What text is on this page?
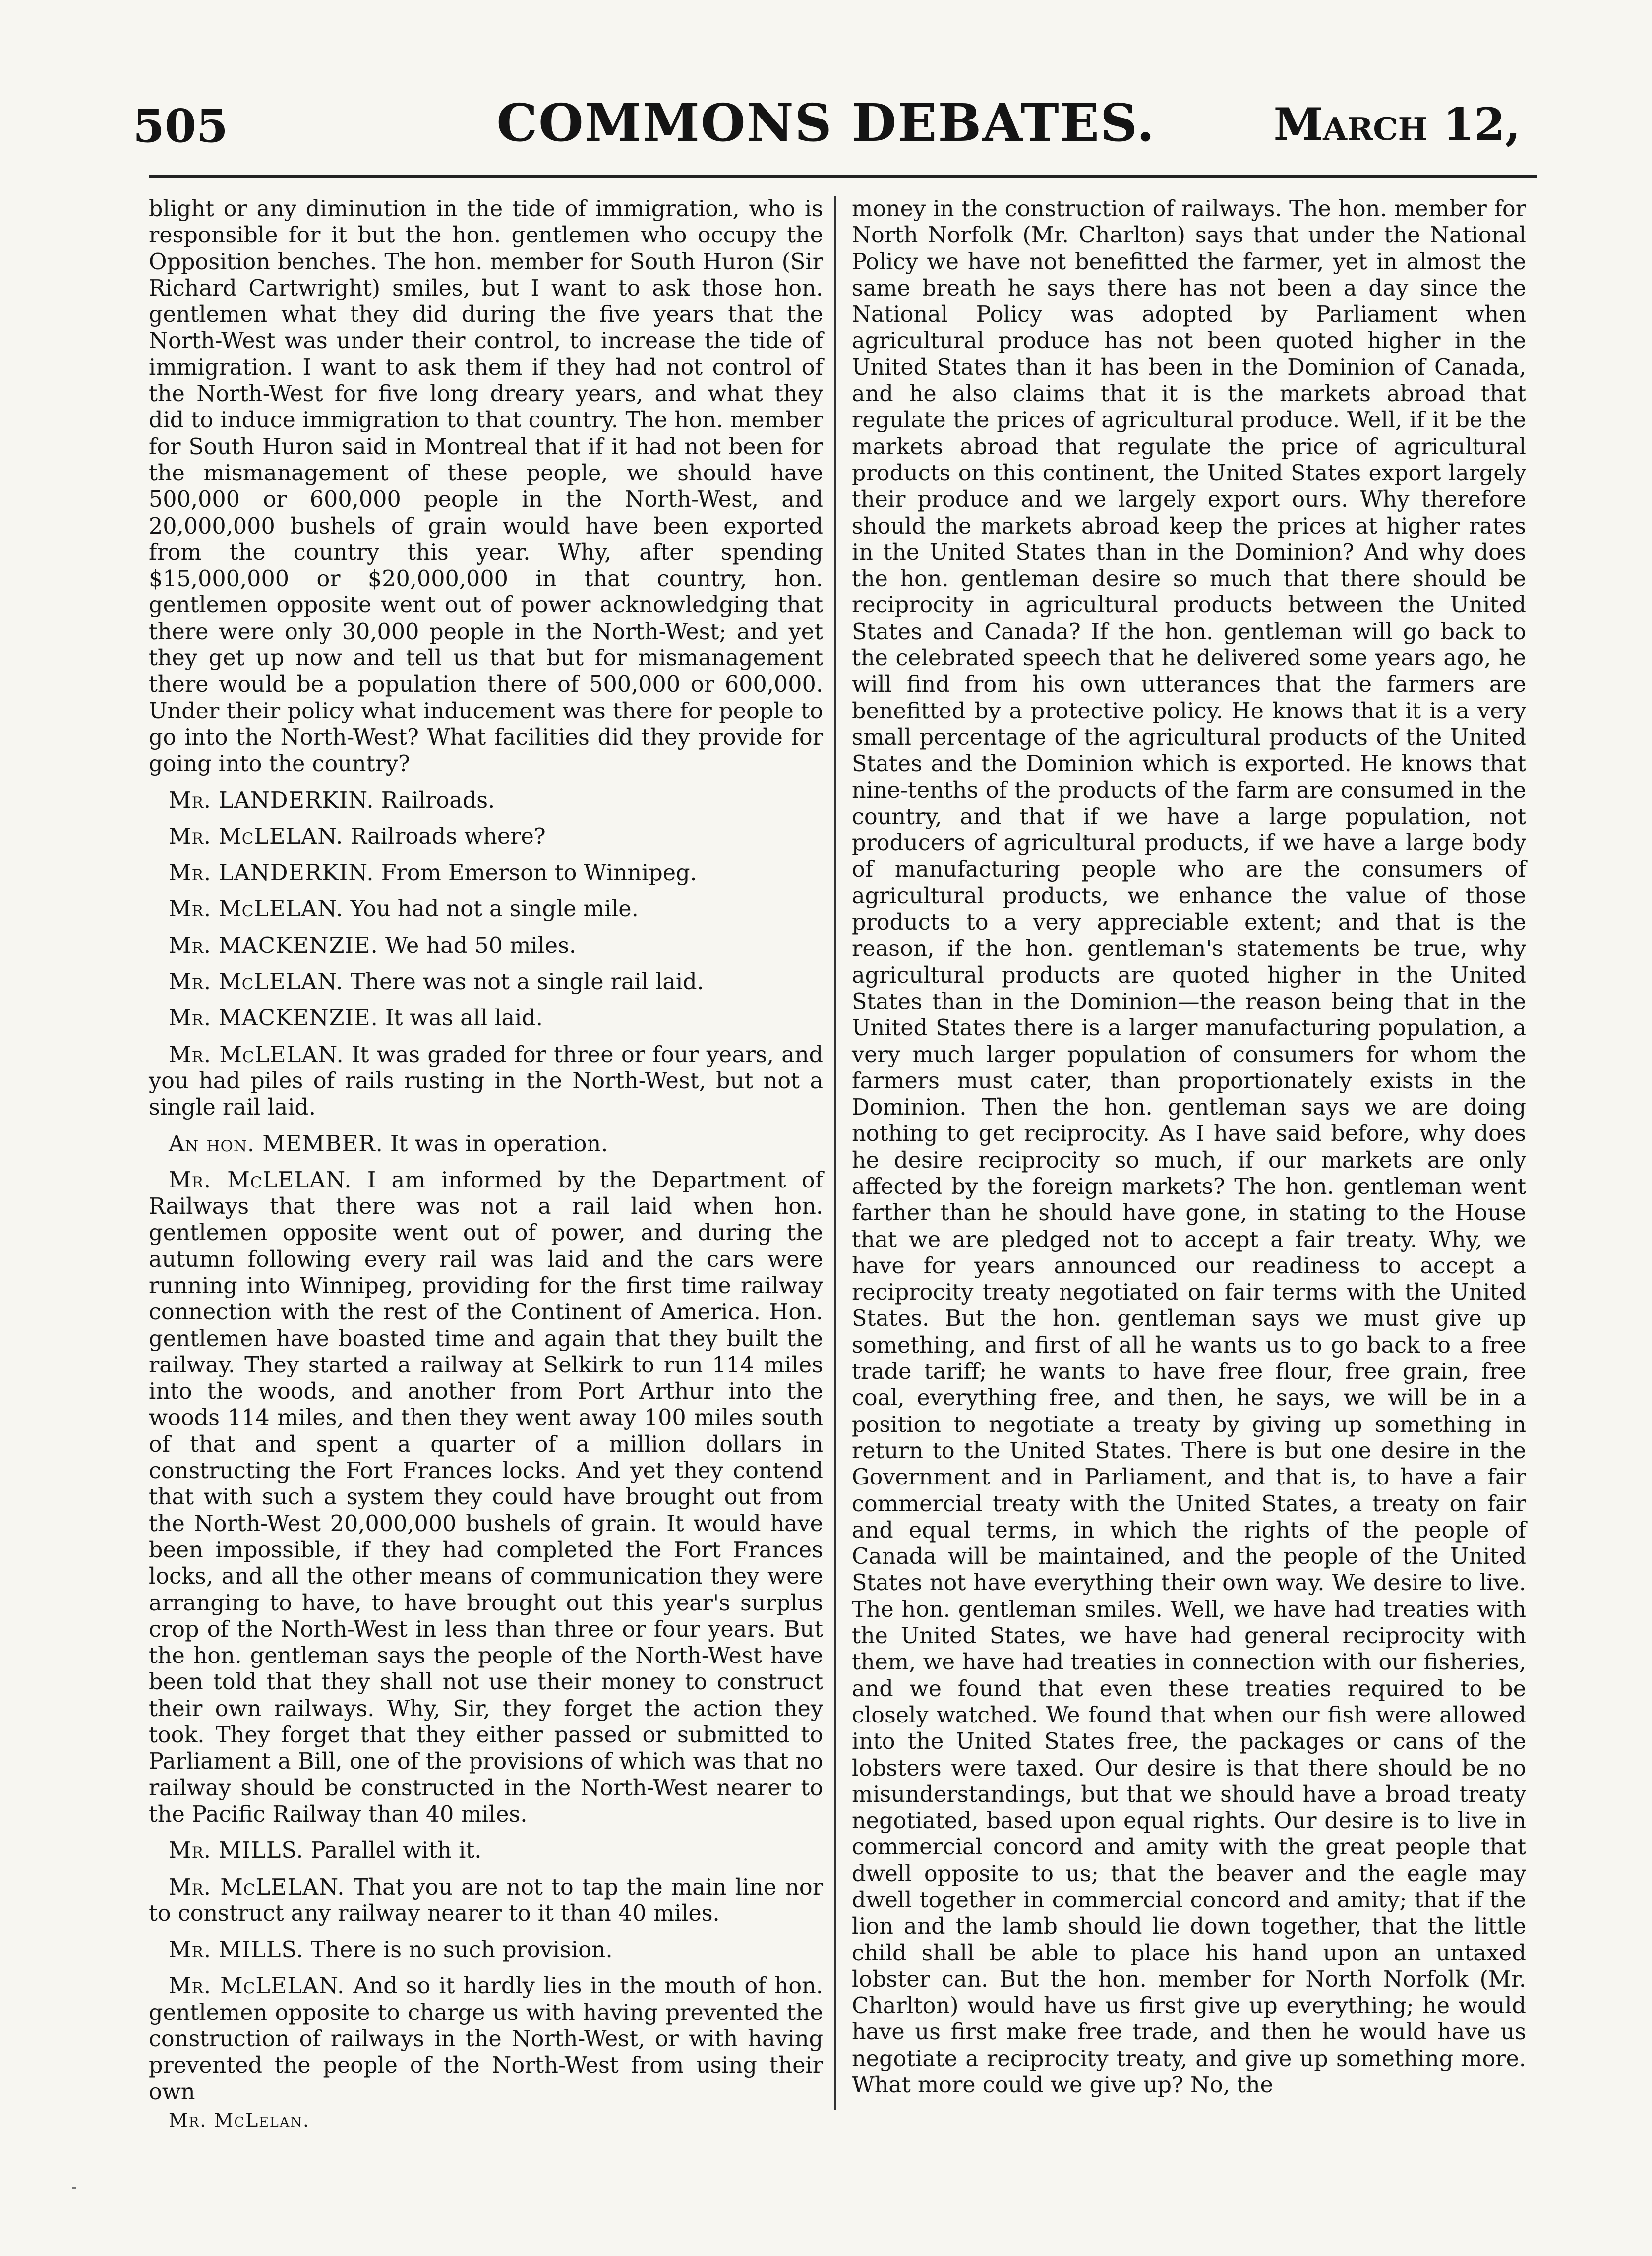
505	COMMONS DEBATES.	March 12,

blight or any diminution in the tide of immigration, who is responsible for it but the hon. gentlemen who occupy the Opposition benches. The hon. member for South Huron (Sir Richard Cartwright) smiles, but I want to ask those hon. gentlemen what they did during the five years that the North-West was under their control, to increase the tide of immigration. I want to ask them if they had not control of the North-West for five long dreary years, and what they did to induce immigration to that country. The hon. member for South Huron said in Montreal that if it had not been for the mismanagement of these people, we should have 500,000 or 600,000 people in the North-West, and 20,000,000 bushels of grain would have been exported from the country this year. Why, after spending $15,000,000 or $20,000,000 in that country, hon. gentlemen opposite went out of power acknowledging that there were only 30,000 people in the North-West; and yet they get up now and tell us that but for mismanagement there would be a population there of 500,000 or 600,000. Under their policy what inducement was there for people to go into the North-West? What facilities did they provide for going into the country?

Mr. LANDERKIN. Railroads.

Mr. McLELAN. Railroads where?

Mr. LANDERKIN. From Emerson to Winnipeg.

Mr. McLELAN. You had not a single mile.

Mr. MACKENZIE. We had 50 miles.

Mr. McLELAN. There was not a single rail laid.

Mr. MACKENZIE. It was all laid.

Mr. McLELAN. It was graded for three or four years, and you had piles of rails rusting in the North-West, but not a single rail laid.

An hon. MEMBER. It was in operation.

Mr. McLELAN. I am informed by the Department of Railways that there was not a rail laid when hon. gentlemen opposite went out of power, and during the autumn following every rail was laid and the cars were running into Winnipeg, providing for the first time railway connection with the rest of the Continent of America. Hon. gentlemen have boasted time and again that they built the railway. They started a railway at Selkirk to run 114 miles into the woods, and another from Port Arthur into the woods 114 miles, and then they went away 100 miles south of that and spent a quarter of a million dollars in constructing the Fort Frances locks. And yet they contend that with such a system they could have brought out from the North-West 20,000,000 bushels of grain. It would have been impossible, if they had completed the Fort Frances locks, and all the other means of communication they were arranging to have, to have brought out this year's surplus crop of the North-West in less than three or four years. But the hon. gentleman says the people of the North-West have been told that they shall not use their money to construct their own railways. Why, Sir, they forget the action they took. They forget that they either passed or submitted to Parliament a Bill, one of the provisions of which was that no railway should be constructed in the North-West nearer to the Pacific Railway than 40 miles.

Mr. MILLS. Parallel with it.

Mr. McLELAN. That you are not to tap the main line nor to construct any railway nearer to it than 40 miles.

Mr. MILLS. There is no such provision.

Mr. McLELAN. And so it hardly lies in the mouth of hon. gentlemen opposite to charge us with having prevented the construction of railways in the North-West, or with having prevented the people of the North-West from using their own

Mr. McLelan.

money in the construction of railways. The hon. member for North Norfolk (Mr. Charlton) says that under the National Policy we have not benefitted the farmer, yet in almost the same breath he says there has not been a day since the National Policy was adopted by Parliament when agricultural produce has not been quoted higher in the United States than it has been in the Dominion of Canada, and he also claims that it is the markets abroad that regulate the prices of agricultural produce. Well, if it be the markets abroad that regulate the price of agricultural products on this continent, the United States export largely their produce and we largely export ours. Why therefore should the markets abroad keep the prices at higher rates in the United States than in the Dominion? And why does the hon. gentleman desire so much that there should be reciprocity in agricultural products between the United States and Canada? If the hon. gentleman will go back to the celebrated speech that he delivered some years ago, he will find from his own utterances that the farmers are benefitted by a protective policy. He knows that it is a very small percentage of the agricultural products of the United States and the Dominion which is exported. He knows that nine-tenths of the products of the farm are consumed in the country, and that if we have a large population, not producers of agricultural products, if we have a large body of manufacturing people who are the consumers of agricultural products, we enhance the value of those products to a very appreciable extent; and that is the reason, if the hon. gentleman's statements be true, why agricultural products are quoted higher in the United States than in the Dominion—the reason being that in the United States there is a larger manufacturing population, a very much larger population of consumers for whom the farmers must cater, than proportionately exists in the Dominion. Then the hon. gentleman says we are doing nothing to get reciprocity. As I have said before, why does he desire reciprocity so much, if our markets are only affected by the foreign markets? The hon. gentleman went farther than he should have gone, in stating to the House that we are pledged not to accept a fair treaty. Why, we have for years announced our readiness to accept a reciprocity treaty negotiated on fair terms with the United States. But the hon. gentleman says we must give up something, and first of all he wants us to go back to a free trade tariff; he wants to have free flour, free grain, free coal, everything free, and then, he says, we will be in a position to negotiate a treaty by giving up something in return to the United States. There is but one desire in the Government and in Parliament, and that is, to have a fair commercial treaty with the United States, a treaty on fair and equal terms, in which the rights of the people of Canada will be maintained, and the people of the United States not have everything their own way. We desire to live. The hon. gentleman smiles. Well, we have had treaties with the United States, we have had general reciprocity with them, we have had treaties in connection with our fisheries, and we found that even these treaties required to be closely watched. We found that when our fish were allowed into the United States free, the packages or cans of the lobsters were taxed. Our desire is that there should be no misunderstandings, but that we should have a broad treaty negotiated, based upon equal rights. Our desire is to live in commercial concord and amity with the great people that dwell opposite to us; that the beaver and the eagle may dwell together in commercial concord and amity; that if the lion and the lamb should lie down together, that the little child shall be able to place his hand upon an untaxed lobster can. But the hon. member for North Norfolk (Mr. Charlton) would have us first give up everything; he would have us first make free trade, and then he would have us negotiate a reciprocity treaty, and give up something more. What more could we give up? No, the
